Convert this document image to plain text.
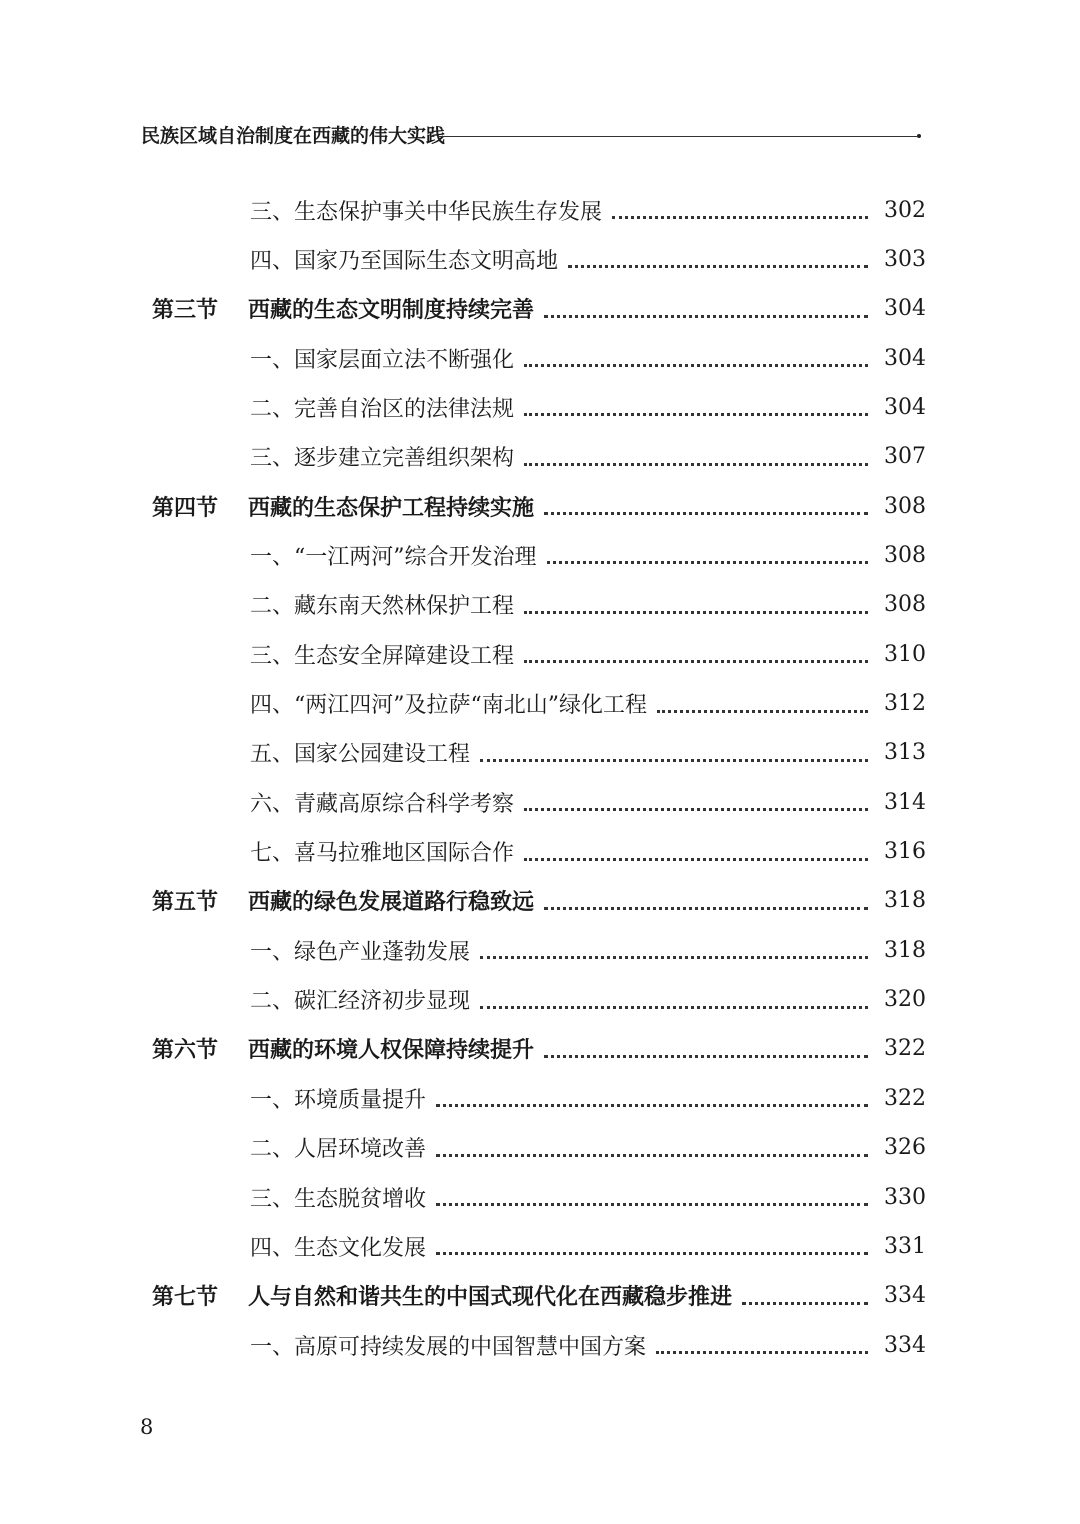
民族区域自治制度在西藏的伟大实践
三、生态保护事关中华民族生存发展	302
四、国家乃至国际生态文明高地	303
第三节 西藏的生态文明制度持续完善	304
一、国家层面立法不断强化	304
二、完善自治区的法律法规	304
三、逐步建立完善组织架构	307
第四节 西藏的生态保护工程持续实施	308
一、“一江两河”综合开发治理	308
二、藏东南天然林保护工程	308
三、生态安全屏障建设工程	310
四、“两江四河”及拉萨“南北山”绿化工程	312
五、国家公园建设工程	313
六、青藏高原综合科学考察	314
七、喜马拉雅地区国际合作	316
第五节 西藏的绿色发展道路行稳致远	318
一、绿色产业蓬勃发展	318
二、碳汇经济初步显现	320
第六节 西藏的环境人权保障持续提升	322
一、环境质量提升	322
二、人居环境改善	326
三、生态脱贫增收	330
四、生态文化发展	331
第七节 人与自然和谐共生的中国式现代化在西藏稳步推进	334
一、高原可持续发展的中国智慧中国方案	334
8
